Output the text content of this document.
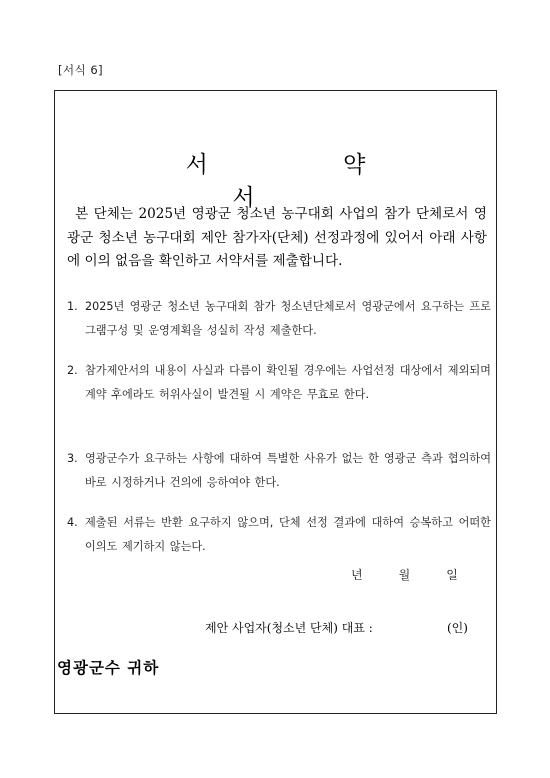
[서식 6]
서 약 서
본 단체는 2025년 영광군 청소년 농구대회 사업의 참가 단체로서 영광군 청소년 농구대회 제안 참가자(단체) 선정과정에 있어서 아래 사항에 이의 없음을 확인하고 서약서를 제출합니다.
1. 2025년 영광군 청소년 농구대회 참가 청소년단체로서 영광군에서 요구하는 프로그램구성 및 운영계획을 성실히 작성 제출한다.
2. 참가제안서의 내용이 사실과 다름이 확인될 경우에는 사업선정 대상에서 제외되며 계약 후에라도 허위사실이 발견될 시 계약은 무효로 한다.
3. 영광군수가 요구하는 사항에 대하여 특별한 사유가 없는 한 영광군 측과 협의하여 바로 시정하거나 건의에 응하여야 한다.
4. 제출된 서류는 반환 요구하지 않으며, 단체 선정 결과에 대하여 승복하고 어떠한 이의도 제기하지 않는다.
년	월	일
제안 사업자(청소년 단체) 대표 :	(인)
영광군수 귀하
